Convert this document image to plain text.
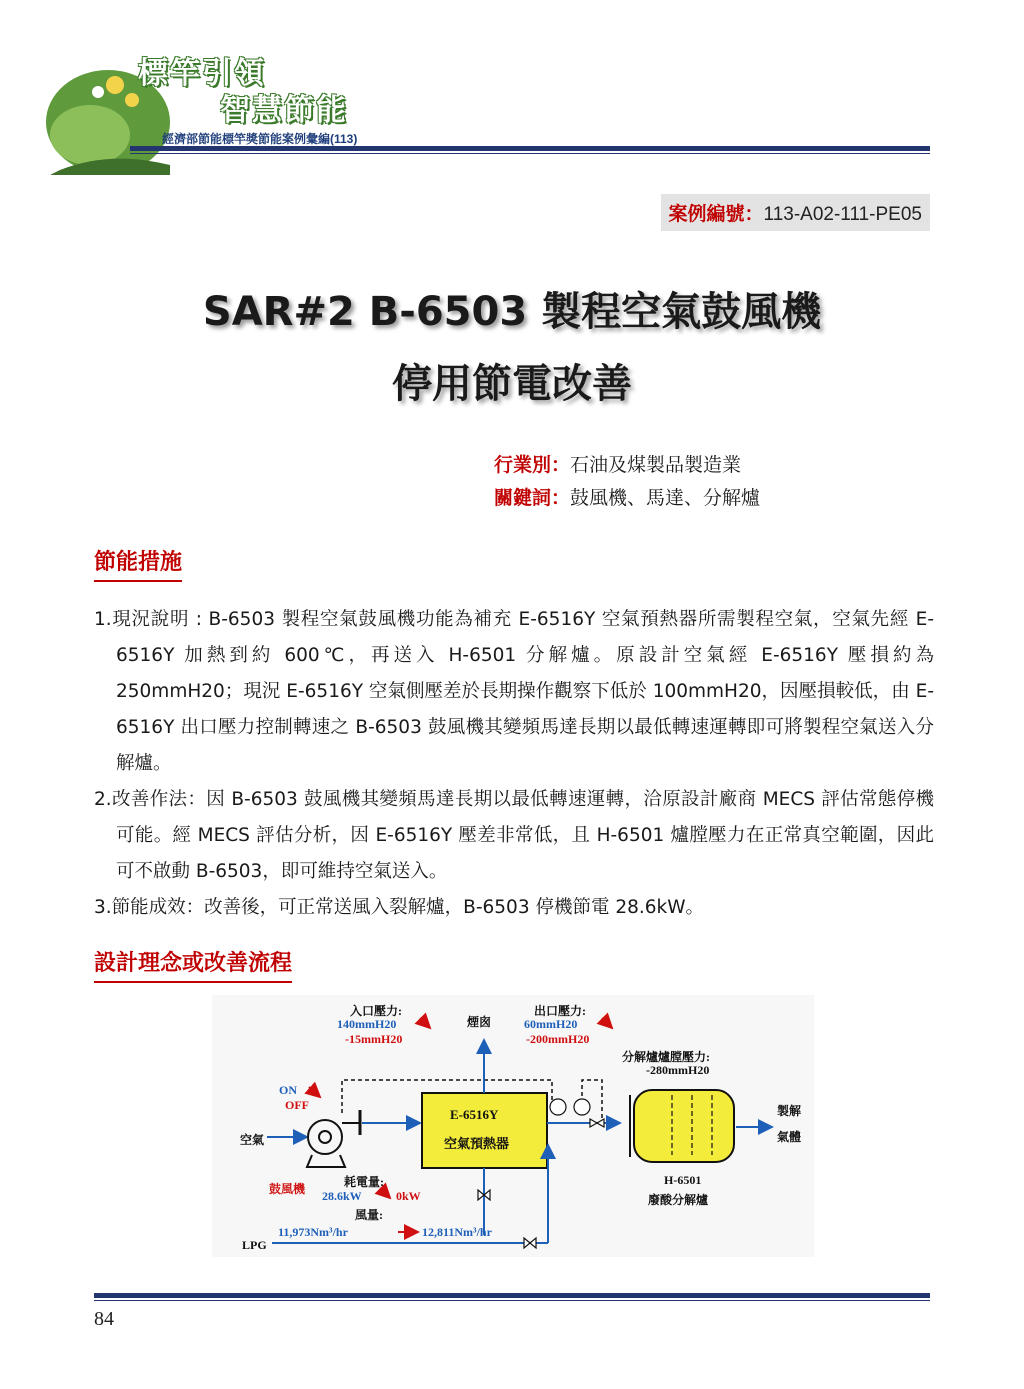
標竿引領
智慧節能
經濟部節能標竿獎節能案例彙編(113)
案例編號：113-A02-111-PE05
SAR#2 B-6503 製程空氣鼓風機
停用節電改善
行業別：石油及煤製品製造業
關鍵詞：鼓風機、馬達、分解爐
節能措施
1.現況說明 : B-6503 製程空氣鼓風機功能為補充 E-6516Y 空氣預熱器所需製程空氣，空氣先經 E-6516Y 加熱到約 600℃，再送入 H-6501 分解爐。原設計空氣經 E-6516Y 壓損約為 250mmH20；現況 E-6516Y 空氣側壓差於長期操作觀察下低於 100mmH20，因壓損較低，由 E-6516Y 出口壓力控制轉速之 B-6503 鼓風機其變頻馬達長期以最低轉速運轉即可將製程空氣送入分解爐。
2.改善作法：因 B-6503 鼓風機其變頻馬達長期以最低轉速運轉，洽原設計廠商 MECS 評估常態停機可能。經 MECS 評估分析，因 E-6516Y 壓差非常低，且 H-6501 爐膛壓力在正常真空範圍，因此可不啟動 B-6503，即可維持空氣送入。
3.節能成效：改善後，可正常送風入裂解爐，B-6503 停機節電 28.6kW。
設計理念或改善流程
入口壓力:
140mmH20
-15mmH20
煙囪
出口壓力:
60mmH20
-200mmH20
分解爐爐膛壓力:
-280mmH20
ON
OFF
空氣
E-6516Y
空氣預熱器
製解
氣體
鼓風機	耗電量:
28.6kW	0kW
風量:
11,973Nm³/hr	12,811Nm³/hr
H-6501
廢酸分解爐
LPG
84
